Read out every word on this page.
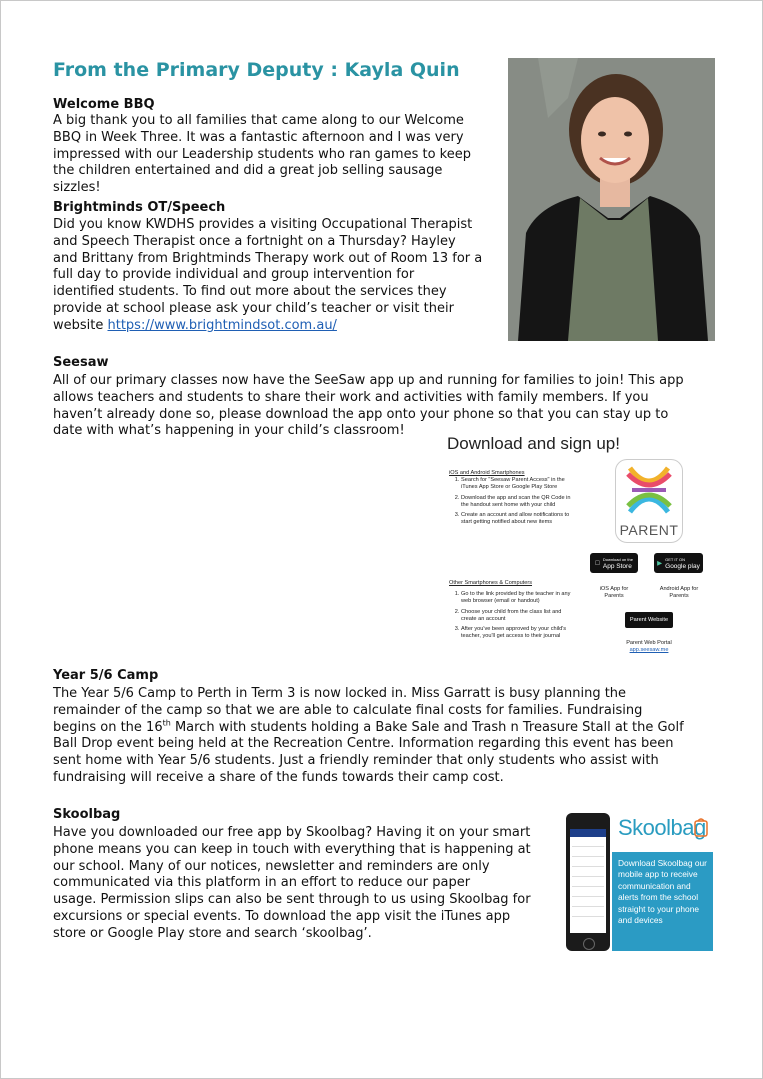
From the Primary Deputy : Kayla Quin
Welcome BBQ
A big thank you to all families that came along to our Welcome
BBQ in Week Three. It was a fantastic afternoon and I was very
impressed with our Leadership students who ran games to keep
the children entertained and did a great job selling sausage
sizzles!
Brightminds OT/Speech
Did you know KWDHS provides a visiting Occupational Therapist
and Speech Therapist once a fortnight on a Thursday? Hayley
and Brittany from Brightminds Therapy work out of Room 13 for a
full day to provide individual and group intervention for
identified students. To find out more about the services they
provide at school please ask your child’s teacher or visit their
website https://www.brightmindsot.com.au/
Seesaw
All of our primary classes now have the SeeSaw app up and running for families to join! This app
allows teachers and students to share their work and activities with family members. If you
haven’t already done so, please download the app onto your phone so that you can stay up to
date with what’s happening in your child’s classroom!
Download and sign up!
iOS and Android Smartphones
1. Search for "Seesaw Parent Access" in the iTunes App Store or Google Play Store
2. Download the app and scan the QR Code in the handout sent home with your child
3. Create an account and allow notifications to start getting notified about new items
Other Smartphones & Computers
1. Go to the link provided by the teacher in any web browser (email or handout)
2. Choose your child from the class list and create an account
3. After you've been approved by your child's teacher, you'll get access to their journal
PARENT
Download on the
App Store	▶
GET IT ON
Google play
iOS App for Parents
Android App for Parents
Parent Website
Parent Web Portal
app.seesaw.me
Year 5/6 Camp
The Year 5/6 Camp to Perth in Term 3 is now locked in. Miss Garratt is busy planning the
remainder of the camp so that we are able to calculate final costs for families. Fundraising
begins on the 16th March with students holding a Bake Sale and Trash n Treasure Stall at the Golf
Ball Drop event being held at the Recreation Centre. Information regarding this event has been
sent home with Year 5/6 students. Just a friendly reminder that only students who assist with
fundraising will receive a share of the funds towards their camp cost.
Skoolbag
Have you downloaded our free app by Skoolbag? Having it on your smart
phone means you can keep in touch with everything that is happening at
our school. Many of our notices, newsletter and reminders are only
communicated via this platform in an effort to reduce our paper
usage. Permission slips can also be sent through to us using Skoolbag for
excursions or special events. To download the app visit the iTunes app
store or Google Play store and search ‘skoolbag’.
Skoolbag
Download Skoolbag our mobile app to receive communication and alerts from the school straight to your phone and devices
